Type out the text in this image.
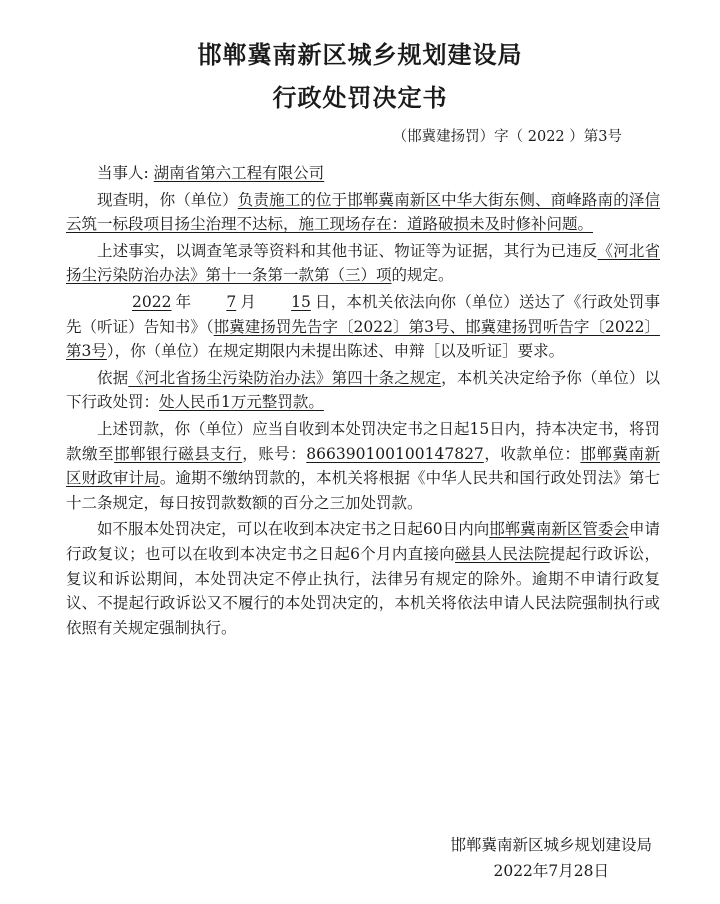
邯郸冀南新区城乡规划建设局
行政处罚决定书
（邯冀建扬罚）字（ 2022 ）第3号

当事人: 湖南省第六工程有限公司

现查明，你（单位）负责施工的位于邯郸冀南新区中华大街东侧、商峰路南的泽信云筑一标段项目扬尘治理不达标，施工现场存在：道路破损未及时修补问题。

上述事实，以调查笔录等资料和其他书证、物证等为证据，其行为已违反《河北省扬尘污染防治办法》第十一条第一款第（三）项的规定。

2022 年 7 月 15 日，本机关依法向你（单位）送达了《行政处罚事先（听证）告知书》（邯冀建扬罚先告字〔2022〕第3号、邯冀建扬罚听告字〔2022〕第3号），你（单位）在规定期限内未提出陈述、申辩［以及听证］要求。

依据《河北省扬尘污染防治办法》第四十条之规定，本机关决定给予你（单位）以下行政处罚：处人民币1万元整罚款。

上述罚款，你（单位）应当自收到本处罚决定书之日起15日内，持本决定书，将罚款缴至邯郸银行磁县支行，账号：866390100100147827，收款单位：邯郸冀南新区财政审计局。逾期不缴纳罚款的，本机关将根据《中华人民共和国行政处罚法》第七十二条规定，每日按罚款数额的百分之三加处罚款。

如不服本处罚决定，可以在收到本决定书之日起60日内向邯郸冀南新区管委会申请行政复议；也可以在收到本决定书之日起6个月内直接向磁县人民法院提起行政诉讼，复议和诉讼期间，本处罚决定不停止执行，法律另有规定的除外。逾期不申请行政复议、不提起行政诉讼又不履行的本处罚决定的，本机关将依法申请人民法院强制执行或依照有关规定强制执行。

邯郸冀南新区城乡规划建设局
2022年7月28日
